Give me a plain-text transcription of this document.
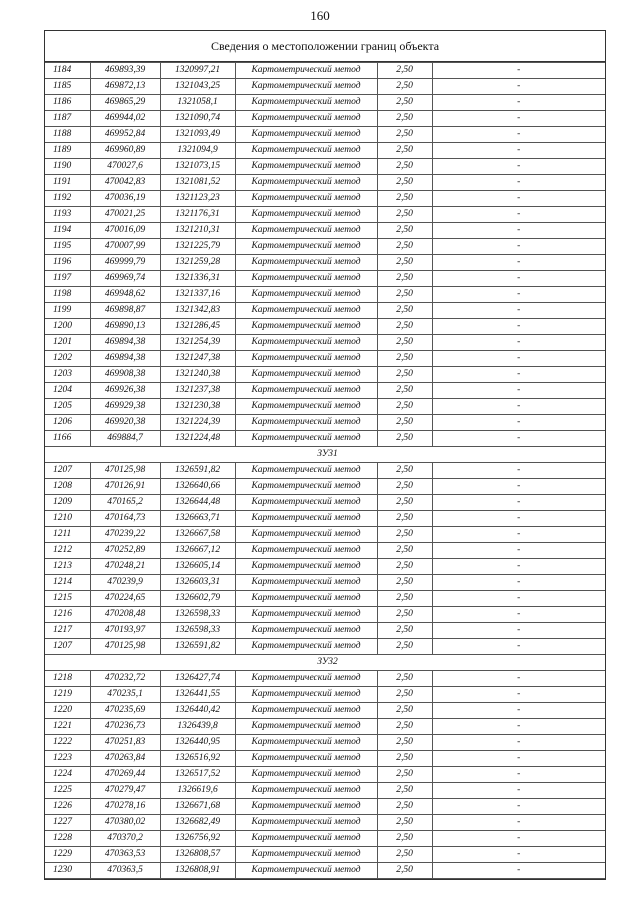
160
Сведения о местоположении границ объекта
1184	469893,39	1320997,21	Картометрический метод	2,50	-
1185	469872,13	1321043,25	Картометрический метод	2,50	-
1186	469865,29	1321058,1	Картометрический метод	2,50	-
1187	469944,02	1321090,74	Картометрический метод	2,50	-
1188	469952,84	1321093,49	Картометрический метод	2,50	-
1189	469960,89	1321094,9	Картометрический метод	2,50	-
1190	470027,6	1321073,15	Картометрический метод	2,50	-
1191	470042,83	1321081,52	Картометрический метод	2,50	-
1192	470036,19	1321123,23	Картометрический метод	2,50	-
1193	470021,25	1321176,31	Картометрический метод	2,50	-
1194	470016,09	1321210,31	Картометрический метод	2,50	-
1195	470007,99	1321225,79	Картометрический метод	2,50	-
1196	469999,79	1321259,28	Картометрический метод	2,50	-
1197	469969,74	1321336,31	Картометрический метод	2,50	-
1198	469948,62	1321337,16	Картометрический метод	2,50	-
1199	469898,87	1321342,83	Картометрический метод	2,50	-
1200	469890,13	1321286,45	Картометрический метод	2,50	-
1201	469894,38	1321254,39	Картометрический метод	2,50	-
1202	469894,38	1321247,38	Картометрический метод	2,50	-
1203	469908,38	1321240,38	Картометрический метод	2,50	-
1204	469926,38	1321237,38	Картометрический метод	2,50	-
1205	469929,38	1321230,38	Картометрический метод	2,50	-
1206	469920,38	1321224,39	Картометрический метод	2,50	-
1166	469884,7	1321224,48	Картометрический метод	2,50	-
ЗУ31					
1207	470125,98	1326591,82	Картометрический метод	2,50	-
1208	470126,91	1326640,66	Картометрический метод	2,50	-
1209	470165,2	1326644,48	Картометрический метод	2,50	-
1210	470164,73	1326663,71	Картометрический метод	2,50	-
1211	470239,22	1326667,58	Картометрический метод	2,50	-
1212	470252,89	1326667,12	Картометрический метод	2,50	-
1213	470248,21	1326605,14	Картометрический метод	2,50	-
1214	470239,9	1326603,31	Картометрический метод	2,50	-
1215	470224,65	1326602,79	Картометрический метод	2,50	-
1216	470208,48	1326598,33	Картометрический метод	2,50	-
1217	470193,97	1326598,33	Картометрический метод	2,50	-
1207	470125,98	1326591,82	Картометрический метод	2,50	-
ЗУ32					
1218	470232,72	1326427,74	Картометрический метод	2,50	-
1219	470235,1	1326441,55	Картометрический метод	2,50	-
1220	470235,69	1326440,42	Картометрический метод	2,50	-
1221	470236,73	1326439,8	Картометрический метод	2,50	-
1222	470251,83	1326440,95	Картометрический метод	2,50	-
1223	470263,84	1326516,92	Картометрический метод	2,50	-
1224	470269,44	1326517,52	Картометрический метод	2,50	-
1225	470279,47	1326619,6	Картометрический метод	2,50	-
1226	470278,16	1326671,68	Картометрический метод	2,50	-
1227	470380,02	1326682,49	Картометрический метод	2,50	-
1228	470370,2	1326756,92	Картометрический метод	2,50	-
1229	470363,53	1326808,57	Картометрический метод	2,50	-
1230	470363,5	1326808,91	Картометрический метод	2,50	-
